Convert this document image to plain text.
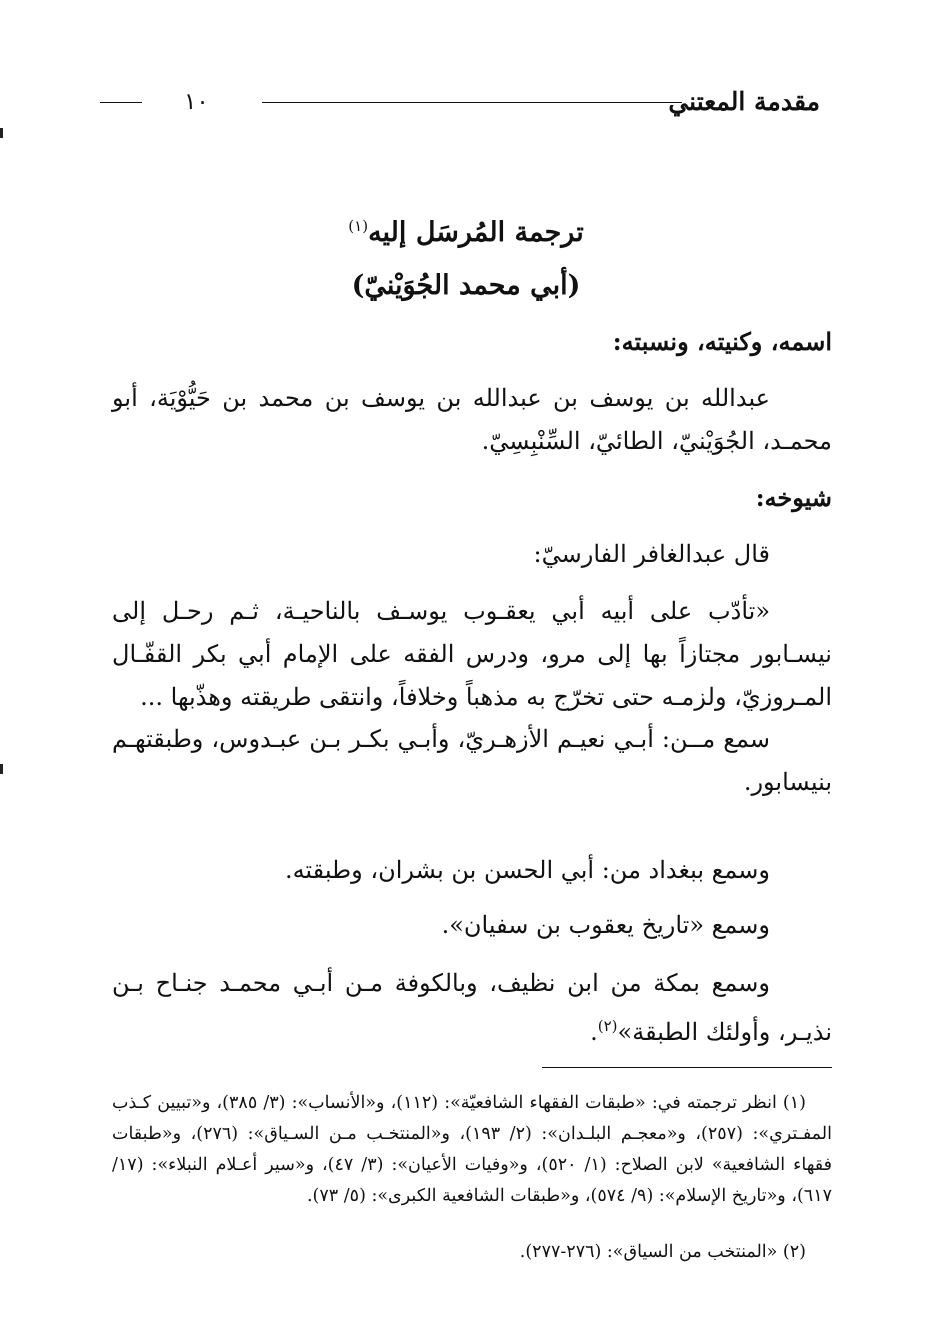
مقدمة المعتني
١٠
ترجمة المُرسَل إليه$^{(١)}$
(أبي محمد الجُوَيْنيّ)
اسمه، وكنيته، ونسبته:
عبدالله بن يوسف بن عبدالله بن يوسف بن محمد بن حَيُّوْيَة، أبو محمـد، الجُوَيْنيّ، الطائيّ، السِّنْبِسِيّ.
شيوخه:
قال عبدالغافر الفارسيّ:
«تأدّب على أبيه أبي يعقـوب يوسـف بالناحيـة، ثـم رحـل إلى نيسـابور مجتازاً بها إلى مرو، ودرس الفقه على الإمام أبي بكر القفّـال المـروزيّ، ولزمـه حتى تخرّج به مذهباً وخلافاً، وانتقى طريقته وهذّبها ...
سمع مــن: أبـي نعيـم الأزهـريّ، وأبـي بكـر بـن عبـدوس، وطبقتهـم بنيسابور.
وسمع ببغداد من: أبي الحسن بن بشران، وطبقته.
وسمع «تاريخ يعقوب بن سفيان».
وسمع بمكة من ابن نظيف، وبالكوفة مـن أبـي محمـد جنـاح بـن نذيـر، وأولئك الطبقة»$^{(٢)}$.
(١) انظر ترجمته في: «طبقات الفقهاء الشافعيّة»: (١١٢)، و«الأنساب»: (٣/ ٣٨٥)، و«تبيين كـذب المفـتري»: (٢٥٧)، و«معجـم البلـدان»: (٢/ ١٩٣)، و«المنتخـب مـن السـياق»: (٢٧٦)، و«طبقات فقهاء الشافعية» لابن الصلاح: (١/ ٥٢٠)، و«وفيات الأعيان»: (٣/ ٤٧)، و«سير أعـلام النبلاء»: (١٧/ ٦١٧)، و«تاريخ الإسلام»: (٩/ ٥٧٤)، و«طبقات الشافعية الكبرى»: (٥/ ٧٣).
(٢) «المنتخب من السياق»: (٢٧٦-٢٧٧).
